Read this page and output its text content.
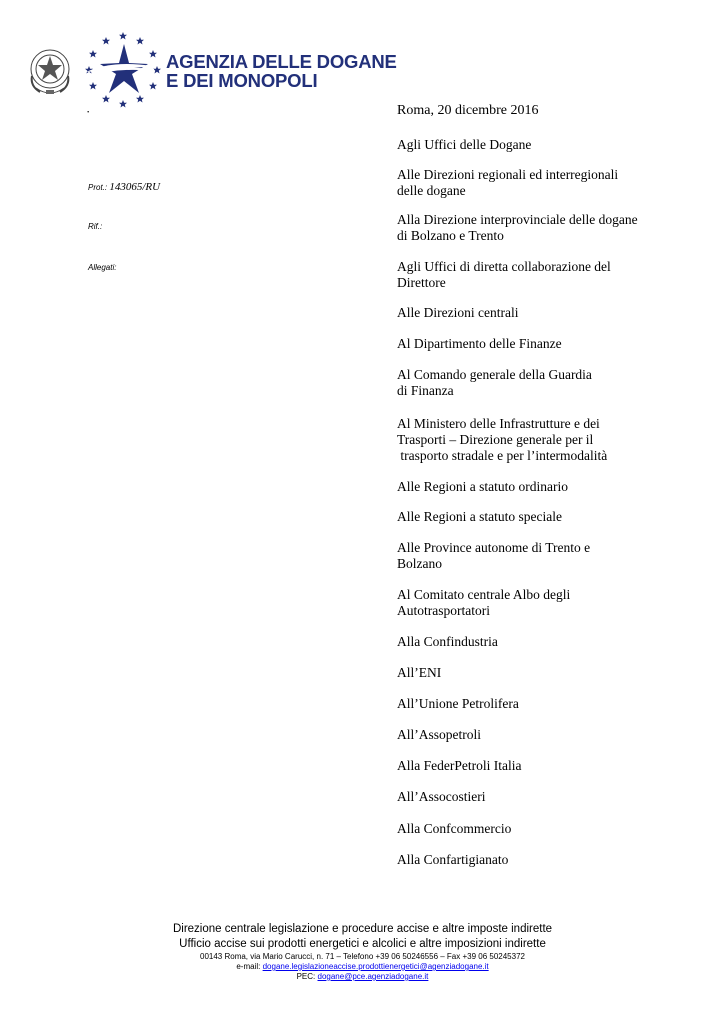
AGENZIA DELLE DOGANE
E DEI MONOPOLI
·	Roma, 20 dicembre 2016
Prot.: 143065/RU
Rif.:
Allegati:
Agli Uffici delle Dogane
Alle Direzioni regionali ed interregionali
delle dogane
Alla Direzione interprovinciale delle dogane
di Bolzano e Trento
Agli Uffici di diretta collaborazione del
Direttore
Alle Direzioni centrali
Al Dipartimento delle Finanze
Al Comando generale della Guardia
di Finanza
Al Ministero delle Infrastrutture e dei
Trasporti – Direzione generale per il
trasporto stradale e per l’intermodalità
Alle Regioni a statuto ordinario
Alle Regioni a statuto speciale
Alle Province autonome di Trento e
Bolzano
Al Comitato centrale Albo degli
Autotrasportatori
Alla Confindustria
All’ENI
All’Unione Petrolifera
All’Assopetroli
Alla FederPetroli Italia
All’Assocostieri
Alla Confcommercio
Alla Confartigianato
Direzione centrale legislazione e procedure accise e altre imposte indirette
Ufficio accise sui prodotti energetici e alcolici e altre imposizioni indirette
00143 Roma, via Mario Carucci, n. 71 – Telefono +39 06 50246556 – Fax +39 06 50245372
e-mail: dogane.legislazioneaccise.prodottienergetici@agenziadogane.it
PEC: dogane@pce.agenziadogane.it
